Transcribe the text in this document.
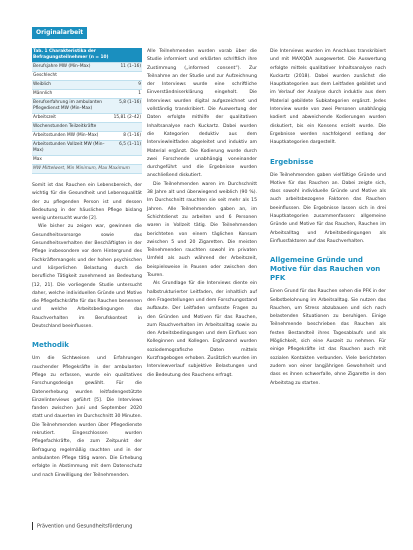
Originalarbeit
Tab. 1 Charakteristika der Befragungsteilnehmer (n = 10)	
Berufsjahre MW (Min–Max)	11 (1–16)
Geschlecht	
Weiblich	9
Männlich	1
Berufserfahrung im ambulanten Pflegedienst MW (Min–Max)	5,8 (1–16)
Arbeitszeit	15,81 (2–42)
Wochenstunden Teilzeitkräfte	
Arbeitsstunden MW (Min–Max)	8 (1–16)
Arbeitsstunden Vollzeit MW (Min–Max)	6,5 (1–11)
Max	
MW Mittelwert, Min Minimum, Max Maximum	

Somit ist das Rauchen ein Lebensbereich, der wichtig für die Gesundheit und Lebensqualität der zu pflegenden Person ist und dessen Bedeutung in der häuslichen Pflege bislang wenig untersucht wurde [2].

Wie bisher zu zeigen war, gewinnen die Gesundheitsvorsorge sowie das Gesundheitsverhalten der Beschäftigten in der Pflege insbesondere vor dem Hintergrund des Fachkräftemangels und der hohen psychischen und körperlichen Belastung durch die berufliche Tätigkeit zunehmend an Bedeutung [12, 21]. Die vorliegende Studie untersucht daher, welche individuellen Gründe und Motive die Pflegefachkräfte für das Rauchen benennen und welche Arbeitsbedingungen das Rauchverhalten im Berufskontext in Deutschland beeinflussen.

Methodik

Um die Sichtweisen und Erfahrungen rauchender Pflegekräfte in der ambulanten Pflege zu erfassen, wurde ein qualitatives Forschungsdesign gewählt. Für die Datenerhebung wurden leitfadengestützte Einzelinterviews geführt [5]. Die Interviews fanden zwischen Juni und September 2020 statt und dauerten im Durchschnitt 30 Minuten. Die Teilnehmenden wurden über Pflegedienste rekrutiert. Eingeschlossen wurden Pflegefachkräfte, die zum Zeitpunkt der Befragung regelmäßig rauchten und in der ambulanten Pflege tätig waren. Die Erhebung erfolgte in Abstimmung mit dem Datenschutz und nach Einwilligung der Teilnehmenden.

Alle Teilnehmenden wurden vorab über die Studie informiert und erklärten schriftlich ihre Zustimmung („informed consent“). Zur Teilnahme an der Studie und zur Aufzeichnung der Interviews wurde eine schriftliche Einverständniserklärung eingeholt. Die Interviews wurden digital aufgezeichnet und vollständig transkribiert. Die Auswertung der Daten erfolgte mithilfe der qualitativen Inhaltsanalyse nach Kuckartz. Dabei wurden die Kategorien deduktiv aus dem Interviewleitfaden abgeleitet und induktiv am Material ergänzt. Die Kodierung wurde durch zwei Forschende unabhängig voneinander durchgeführt und die Ergebnisse wurden anschließend diskutiert.

Die Teilnehmenden waren im Durchschnitt 38 Jahre alt und überwiegend weiblich (90 %). Im Durchschnitt rauchten sie seit mehr als 15 Jahren. Alle Teilnehmenden gaben an, im Schichtdienst zu arbeiten und 6 Personen waren in Vollzeit tätig. Die Teilnehmenden berichteten von einem täglichen Konsum zwischen 5 und 20 Zigaretten. Die meisten Teilnehmenden rauchten sowohl im privaten Umfeld als auch während der Arbeitszeit, beispielsweise in Pausen oder zwischen den Touren.

Als Grundlage für die Interviews diente ein halbstrukturierter Leitfaden, der inhaltlich auf den Fragestellungen und dem Forschungsstand aufbaute. Der Leitfaden umfasste Fragen zu den Gründen und Motiven für das Rauchen, zum Rauchverhalten im Arbeitsalltag sowie zu den Arbeitsbedingungen und dem Einfluss von Kolleginnen und Kollegen. Ergänzend wurden soziodemografische Daten mittels Kurzfragebogen erhoben. Zusätzlich wurden im Interviewverlauf subjektive Belastungen und die Bedeutung des Rauchens erfragt.

Die Interviews wurden im Anschluss transkribiert und mit MAXQDA ausgewertet. Die Auswertung erfolgte mittels qualitativer Inhaltsanalyse nach Kuckartz (2018). Dabei wurden zunächst die Hauptkategorien aus dem Leitfaden gebildet und im Verlauf der Analyse durch induktiv aus dem Material gebildete Subkategorien ergänzt. Jedes Interview wurde von zwei Personen unabhängig kodiert und abweichende Kodierungen wurden diskutiert, bis ein Konsens erzielt wurde. Die Ergebnisse werden nachfolgend entlang der Hauptkategorien dargestellt.

Ergebnisse

Die Teilnehmenden gaben vielfältige Gründe und Motive für das Rauchen an. Dabei zeigte sich, dass sowohl individuelle Gründe und Motive als auch arbeitsbezogene Faktoren das Rauchen beeinflussen. Die Ergebnisse lassen sich in drei Hauptkategorien zusammenfassen: allgemeine Gründe und Motive für das Rauchen, Rauchen im Arbeitsalltag und Arbeitsbedingungen als Einflussfaktoren auf das Rauchverhalten.

Allgemeine Gründe und Motive für das Rauchen von PFK

Einen Grund für das Rauchen sehen die PFK in der Selbstbelohnung im Arbeitsalltag. Sie nutzen das Rauchen, um Stress abzubauen und sich nach belastenden Situationen zu beruhigen. Einige Teilnehmende beschrieben das Rauchen als festen Bestandteil ihres Tagesablaufs und als Möglichkeit, sich eine Auszeit zu nehmen. Für einige Pflegekräfte ist das Rauchen auch mit sozialen Kontakten verbunden. Viele berichteten zudem von einer langjährigen Gewohnheit und dass es ihnen schwerfalle, ohne Zigarette in den Arbeitstag zu starten.

Prävention und Gesundheitsförderung
